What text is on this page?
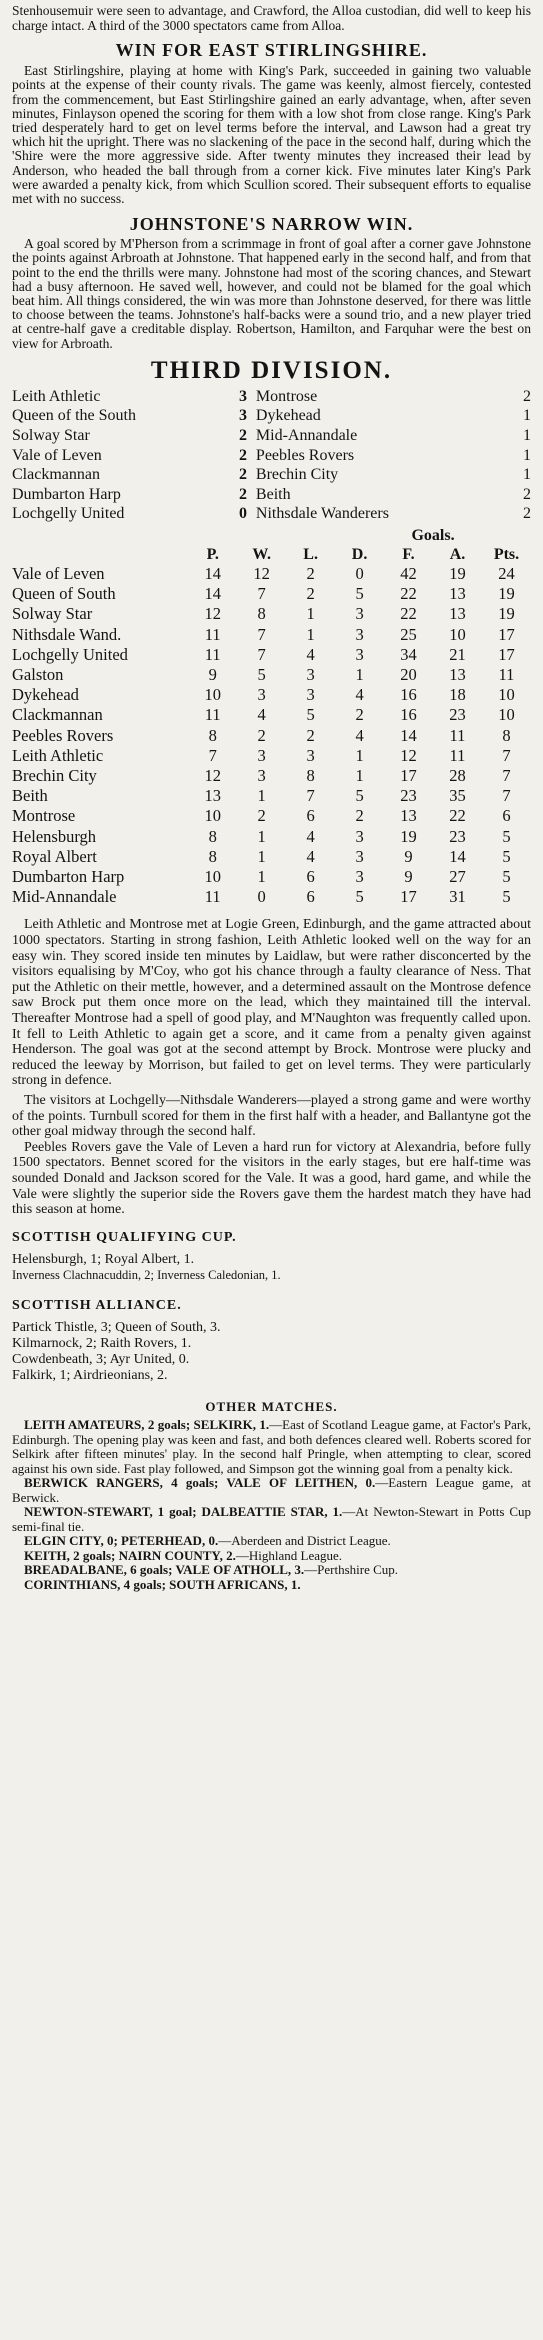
Stenhousemuir were seen to advantage, and Crawford, the Alloa custodian, did well to keep his charge intact. A third of the 3000 spectators came from Alloa.

WIN FOR EAST STIRLINGSHIRE.

East Stirlingshire, playing at home with King's Park, succeeded in gaining two valuable points at the expense of their county rivals. The game was keenly, almost fiercely, contested from the commencement, but East Stirlingshire gained an early advantage, when, after seven minutes, Finlayson opened the scoring for them with a low shot from close range. King's Park tried desperately hard to get on level terms before the interval, and Lawson had a great try which hit the upright. There was no slackening of the pace in the second half, during which the 'Shire were the more aggressive side. After twenty minutes they increased their lead by Anderson, who headed the ball through from a corner kick. Five minutes later King's Park were awarded a penalty kick, from which Scullion scored. Their subsequent efforts to equalise met with no success.

JOHNSTONE'S NARROW WIN.

A goal scored by M'Pherson from a scrimmage in front of goal after a corner gave Johnstone the points against Arbroath at Johnstone. That happened early in the second half, and from that point to the end the thrills were many. Johnstone had most of the scoring chances, and Stewart had a busy afternoon. He saved well, however, and could not be blamed for the goal which beat him. All things considered, the win was more than Johnstone deserved, for there was little to choose between the teams. Johnstone's half-backs were a sound trio, and a new player tried at centre-half gave a creditable display. Robertson, Hamilton, and Farquhar were the best on view for Arbroath.

THIRD DIVISION.

Leith Athletic	3	Montrose	2
Queen of the South	3	Dykehead	1
Solway Star	2	Mid-Annandale	1
Vale of Leven	2	Peebles Rovers	1
Clackmannan	2	Brechin City	1
Dumbarton Harp	2	Beith	2
Lochgelly United	0	Nithsdale Wanderers	2
					Goals.		
	P.	W.	L.	D.	F.	A.	Pts.
Vale of Leven	14	12	2	0	42	19	24
Queen of South	14	7	2	5	22	13	19
Solway Star	12	8	1	3	22	13	19
Nithsdale Wand.	11	7	1	3	25	10	17
Lochgelly United	11	7	4	3	34	21	17
Galston	9	5	3	1	20	13	11
Dykehead	10	3	3	4	16	18	10
Clackmannan	11	4	5	2	16	23	10
Peebles Rovers	8	2	2	4	14	11	8
Leith Athletic	7	3	3	1	12	11	7
Brechin City	12	3	8	1	17	28	7
Beith	13	1	7	5	23	35	7
Montrose	10	2	6	2	13	22	6
Helensburgh	8	1	4	3	19	23	5
Royal Albert	8	1	4	3	9	14	5
Dumbarton Harp	10	1	6	3	9	27	5
Mid-Annandale	11	0	6	5	17	31	5

Leith Athletic and Montrose met at Logie Green, Edinburgh, and the game attracted about 1000 spectators. Starting in strong fashion, Leith Athletic looked well on the way for an easy win. They scored inside ten minutes by Laidlaw, but were rather disconcerted by the visitors equalising by M'Coy, who got his chance through a faulty clearance of Ness. That put the Athletic on their mettle, however, and a determined assault on the Montrose defence saw Brock put them once more on the lead, which they maintained till the interval. Thereafter Montrose had a spell of good play, and M'Naughton was frequently called upon. It fell to Leith Athletic to again get a score, and it came from a penalty given against Henderson. The goal was got at the second attempt by Brock. Montrose were plucky and reduced the leeway by Morrison, but failed to get on level terms. They were particularly strong in defence.

The visitors at Lochgelly—Nithsdale Wanderers—played a strong game and were worthy of the points. Turnbull scored for them in the first half with a header, and Ballantyne got the other goal midway through the second half.

Peebles Rovers gave the Vale of Leven a hard run for victory at Alexandria, before fully 1500 spectators. Bennet scored for the visitors in the early stages, but ere half-time was sounded Donald and Jackson scored for the Vale. It was a good, hard game, and while the Vale were slightly the superior side the Rovers gave them the hardest match they have had this season at home.

SCOTTISH QUALIFYING CUP.

Helensburgh, 1; Royal Albert, 1.

Inverness Clachnacuddin, 2; Inverness Caledonian, 1.

SCOTTISH ALLIANCE.

Partick Thistle, 3; Queen of South, 3.

Kilmarnock, 2; Raith Rovers, 1.

Cowdenbeath, 3; Ayr United, 0.

Falkirk, 1; Airdrieonians, 2.

OTHER MATCHES.

LEITH AMATEURS, 2 goals; SELKIRK, 1.—East of Scotland League game, at Factor's Park, Edinburgh. The opening play was keen and fast, and both defences cleared well. Roberts scored for Selkirk after fifteen minutes' play. In the second half Pringle, when attempting to clear, scored against his own side. Fast play followed, and Simpson got the winning goal from a penalty kick.

BERWICK RANGERS, 4 goals; VALE OF LEITHEN, 0.—Eastern League game, at Berwick.

NEWTON-STEWART, 1 goal; DALBEATTIE STAR, 1.—At Newton-Stewart in Potts Cup semi-final tie.

ELGIN CITY, 0; PETERHEAD, 0.—Aberdeen and District League.

KEITH, 2 goals; NAIRN COUNTY, 2.—Highland League.

BREADALBANE, 6 goals; VALE OF ATHOLL, 3.—Perthshire Cup.

CORINTHIANS, 4 goals; SOUTH AFRICANS, 1.
